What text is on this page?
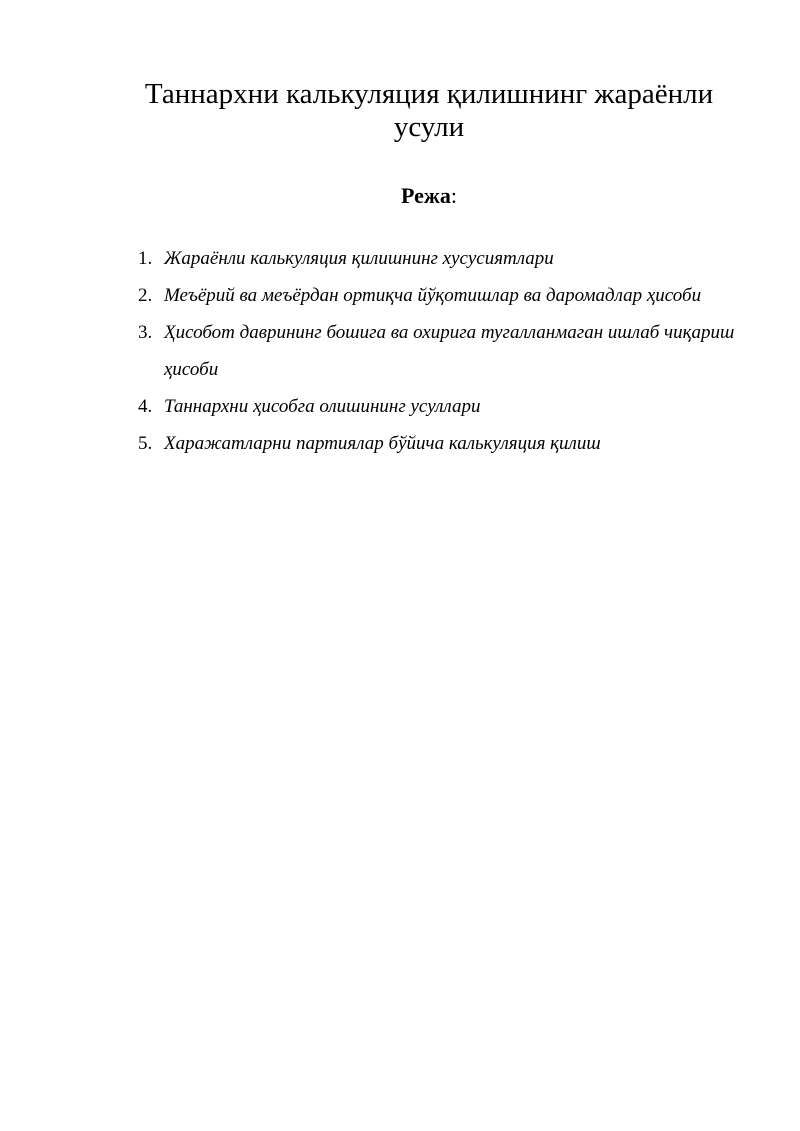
Таннархни калькуляция қилишнинг жараёнли усули

Режа:

1. Жараёнли калькуляция қилишнинг хусусиятлари
2. Меъёрий ва меъёрдан ортиқча йўқотишлар ва даромадлар ҳисоби
3. Ҳисобот даврининг бошига ва охирига тугалланмаган ишлаб чиқариш ҳисоби
4. Таннархни ҳисобга олишининг усуллари
5. Харажатларни партиялар бўйича калькуляция қилиш
